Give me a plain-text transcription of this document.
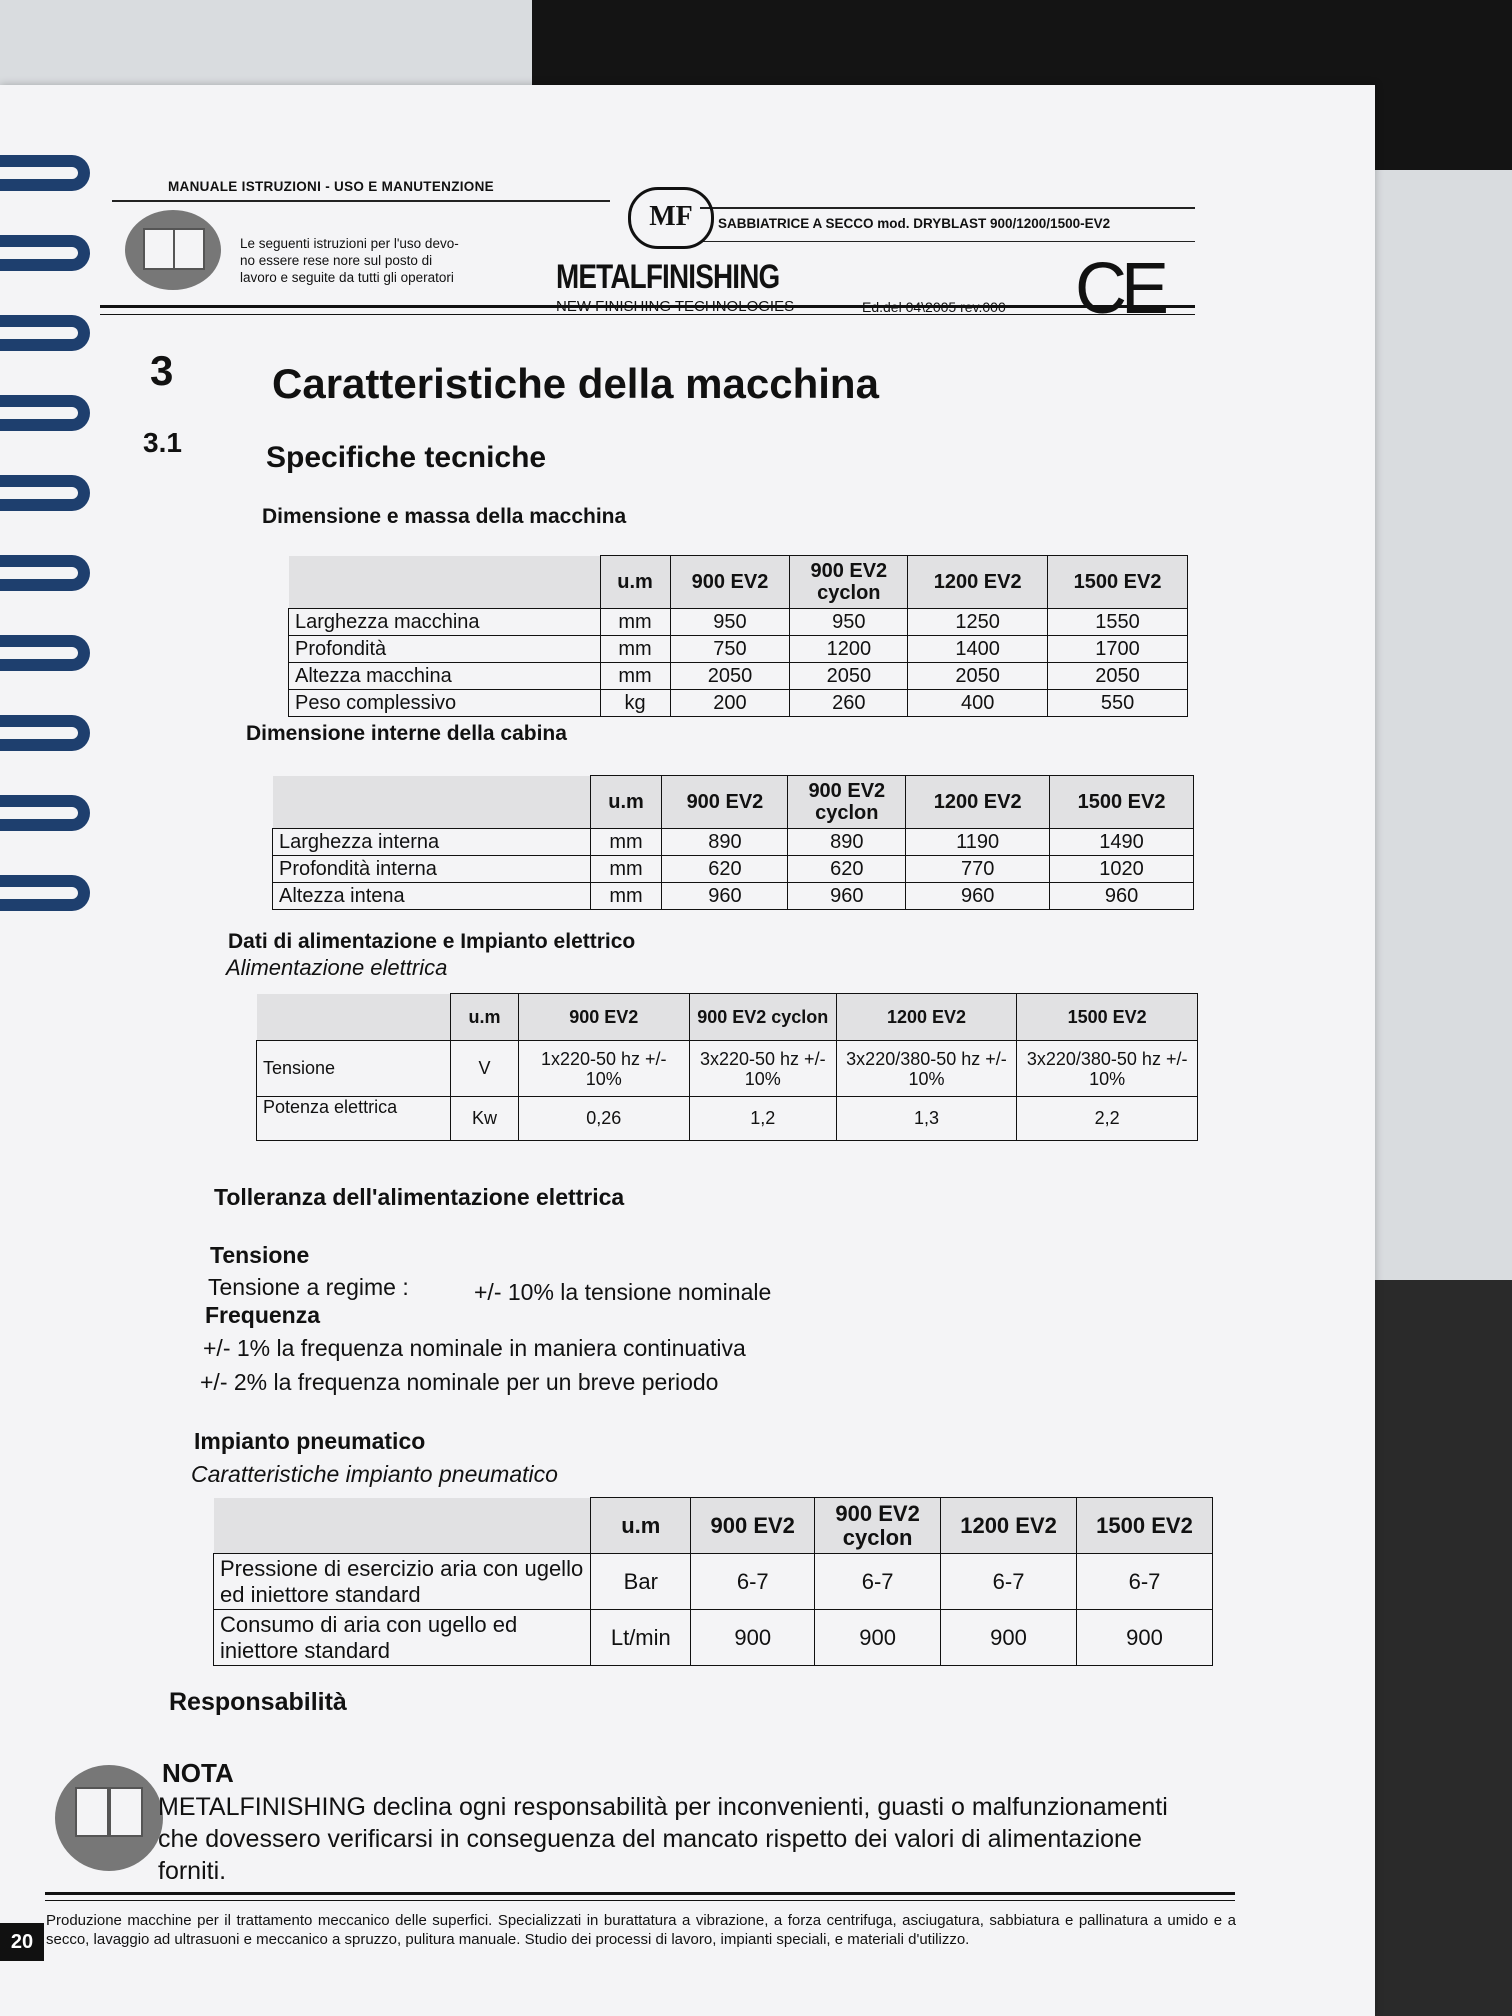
MANUALE ISTRUZIONI - USO E MANUTENZIONE
Le seguenti istruzioni per l'uso devo-
no essere rese nore sul posto di
lavoro e seguite da tutti gli operatori
MF	SABBIATRICE A SECCO mod. DRYBLAST 900/1200/1500-EV2
METALFINISHING
NEW FINISHING TECHNOLOGIES	Ed.del 04\2005 rev.000 CE
3 Caratteristiche della macchina
3.1	Specifiche tecniche
Dimensione e massa della macchina
	u.m	900 EV2	900 EV2 cyclon	1200 EV2	1500 EV2
Larghezza macchina	mm	950	950	1250	1550
Profondità	mm	750	1200	1400	1700
Altezza macchina	mm	2050	2050	2050	2050
Peso complessivo	kg	200	260	400	550
Dimensione interne della cabina
	u.m	900 EV2	900 EV2 cyclon	1200 EV2	1500 EV2
Larghezza interna	mm	890	890	1190	1490
Profondità interna	mm	620	620	770	1020
Altezza intena	mm	960	960	960	960
Dati di alimentazione e Impianto elettrico
Alimentazione elettrica
	u.m	900 EV2	900 EV2 cyclon	1200 EV2	1500 EV2
Tensione	V	1x220-50 hz +/- 10%	3x220-50 hz +/- 10%	3x220/380-50 hz +/- 10%	3x220/380-50 hz +/- 10%
Potenza elettrica	Kw	0,26	1,2	1,3	2,2
Tolleranza dell'alimentazione elettrica
Tensione
Tensione a regime :	+/- 10% la tensione nominale
Frequenza
+/- 1% la frequenza nominale in maniera continuativa
+/- 2% la frequenza nominale per un breve periodo
Impianto pneumatico
Caratteristiche impianto pneumatico
	u.m	900 EV2	900 EV2 cyclon	1200 EV2	1500 EV2
Pressione di esercizio aria con ugello ed iniettore standard	Bar	6-7	6-7	6-7	6-7
Consumo di aria con ugello ed iniettore standard	Lt/min	900	900	900	900
Responsabilità
NOTA
METALFINISHING declina ogni responsabilità per inconvenienti, guasti o malfunzionamenti
che dovessero verificarsi in conseguenza del mancato rispetto dei valori di alimentazione
forniti.
20
Produzione macchine per il trattamento meccanico delle superfici. Specializzati in burattatura a vibrazione, a forza centrifuga, asciugatura, sabbiatura e pallinatura a umido e a secco, lavaggio ad ultrasuoni e meccanico a spruzzo, pulitura manuale. Studio dei processi di lavoro, impianti speciali, e materiali d'utilizzo.
